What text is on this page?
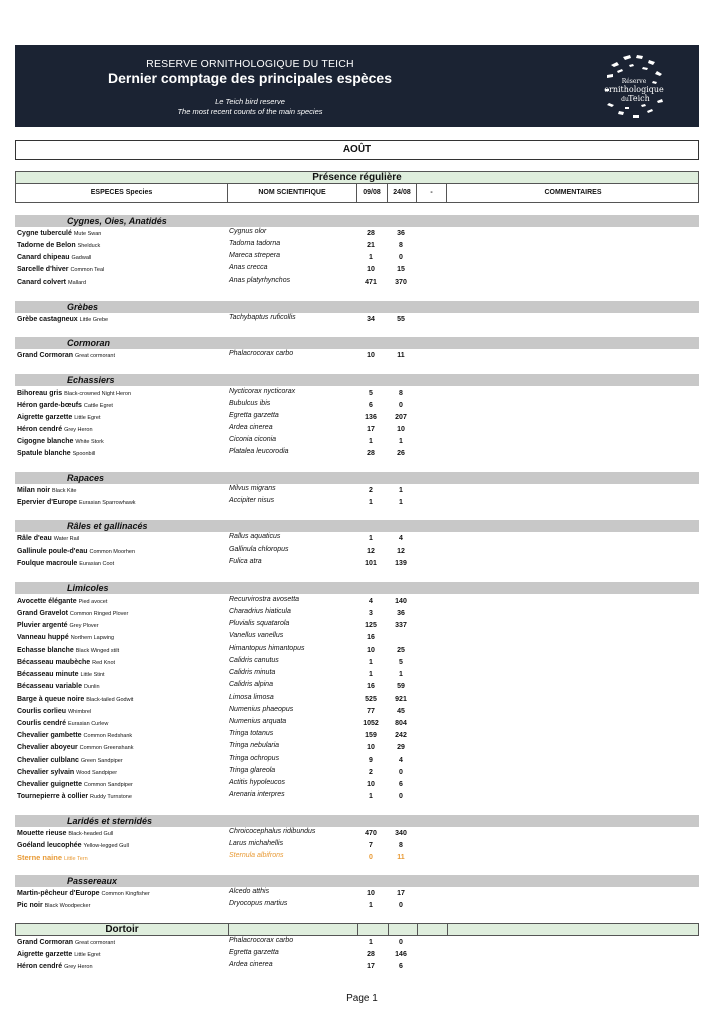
RESERVE ORNITHOLOGIQUE DU TEICH
Dernier comptage des principales espèces
Le Teich bird reserve
The most recent counts of the main species
Réserve
ornithologique
du Teich
AOÛT
Présence régulière
ESPECES Species	NOM SCIENTIFIQUE	09/08	24/08	-	COMMENTAIRES
Cygnes, Oies, Anatidés
Cygne tuberculé Mute Swan	Cygnus olor	28	36
Tadorne de Belon Shelduck	Tadorna tadorna	21	8
Canard chipeau Gadwall	Mareca strepera	1	0
Sarcelle d'hiver Common Teal	Anas crecca	10	15
Canard colvert Mallard	Anas platyrhynchos	471	370
Grèbes
Grèbe castagneux Little Grebe	Tachybaptus ruficollis	34	55
Cormoran
Grand Cormoran Great cormorant	Phalacrocorax carbo	10	11
Echassiers
Bihoreau gris Black-crowned Night Heron	Nycticorax nycticorax	5	8
Héron garde-bœufs Cattle Egret	Bubulcus ibis	6	0
Aigrette garzette Little Egret	Egretta garzetta	136	207
Héron cendré Grey Heron	Ardea cinerea	17	10
Cigogne blanche White Stork	Ciconia ciconia	1	1
Spatule blanche Spoonbill	Platalea leucorodia	28	26
Rapaces
Milan noir Black Kite	Milvus migrans	2	1
Epervier d'Europe Eurasian Sparrowhawk	Accipiter nisus	1	1
Râles et gallinacés
Râle d'eau Water Rail	Rallus aquaticus	1	4
Gallinule poule-d'eau Common Moorhen	Gallinula chloropus	12	12
Foulque macroule Eurasian Coot	Fulica atra	101	139
Limicoles
Avocette élégante Pied avocet	Recurvirostra avosetta	4	140
Grand Gravelot Common Ringed Plover	Charadrius hiaticula	3	36
Pluvier argenté Grey Plover	Pluvialis squatarola	125	337
Vanneau huppé Northern Lapwing	Vanellus vanellus	16
Echasse blanche Black Winged stilt	Himantopus himantopus	10	25
Bécasseau maubèche Red Knot	Calidris canutus	1	5
Bécasseau minute Little Stint	Calidris minuta	1	1
Bécasseau variable Dunlin	Calidris alpina	16	59
Barge à queue noire Black-tailed Godwit	Limosa limosa	525	921
Courlis corlieu Whimbrel	Numenius phaeopus	77	45
Courlis cendré Eurasian Curlew	Numenius arquata	1052	804
Chevalier gambette Common Redshank	Tringa totanus	159	242
Chevalier aboyeur Common Greenshank	Tringa nebularia	10	29
Chevalier culblanc Green Sandpiper	Tringa ochropus	9	4
Chevalier sylvain Wood Sandpiper	Tringa glareola	2	0
Chevalier guignette Common Sandpiper	Actitis hypoleucos	10	6
Tournepierre à collier Ruddy Turnstone	Arenaria interpres	1	0
Laridés et sternidés
Mouette rieuse Black-headed Gull	Chroicocephalus ridibundus	470	340
Goéland leucophée Yellow-legged Gull	Larus michahellis	7	8
Sterne naine Little Tern	Sternula albifrons	0	11
Passereaux
Martin-pêcheur d'Europe Common Kingfisher	Alcedo atthis	10	17
Pic noir Black Woodpecker	Dryocopus martius	1	0
Dortoir
Grand Cormoran Great cormorant	Phalacrocorax carbo	1	0
Aigrette garzette Little Egret	Egretta garzetta	28	146
Héron cendré Grey Heron	Ardea cinerea	17	6
Page 1
